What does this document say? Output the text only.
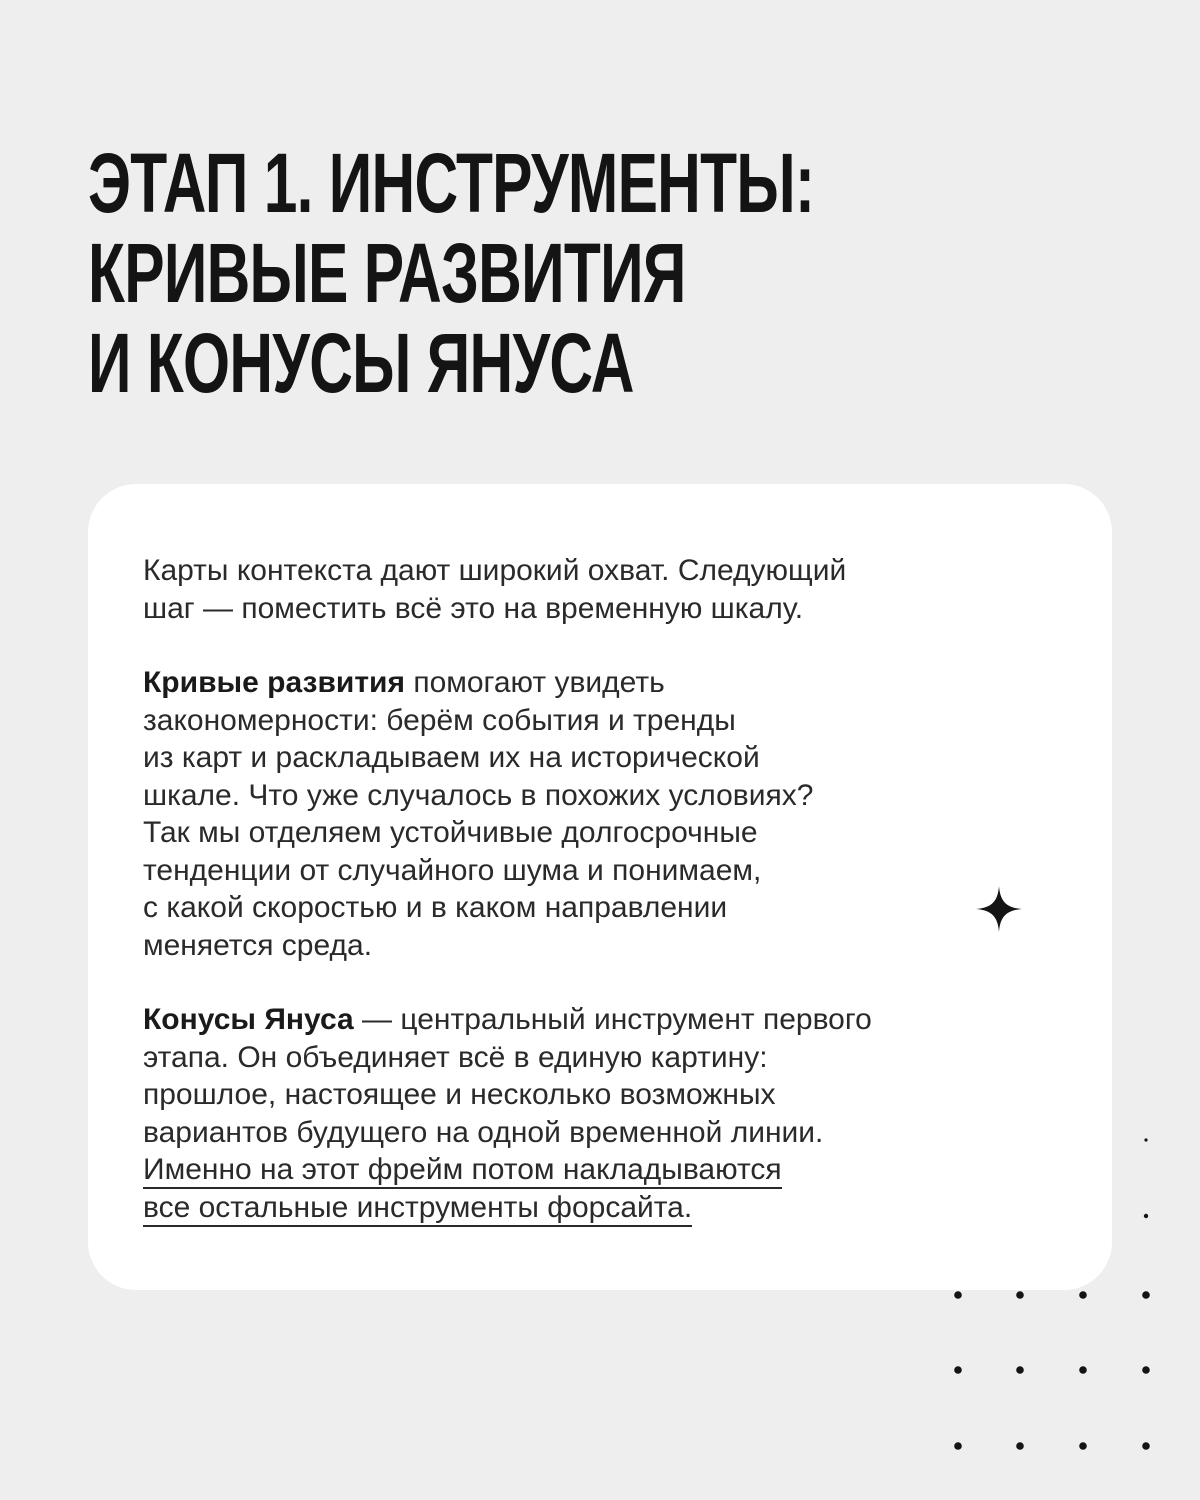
ЭТАП 1. ИНСТРУМЕНТЫ:
КРИВЫЕ РАЗВИТИЯ
И КОНУСЫ ЯНУСА

Карты контекста дают широкий охват. Следующий
шаг — поместить всё это на временную шкалу.

Кривые развития помогают увидеть
закономерности: берём события и тренды
из карт и раскладываем их на исторической
шкале. Что уже случалось в похожих условиях?
Так мы отделяем устойчивые долгосрочные
тенденции от случайного шума и понимаем,
с какой скоростью и в каком направлении
меняется среда.

Конусы Януса — центральный инструмент первого
этапа. Он объединяет всё в единую картину:
прошлое, настоящее и несколько возможных
вариантов будущего на одной временной линии.
Именно на этот фрейм потом накладываются
все остальные инструменты форсайта.
